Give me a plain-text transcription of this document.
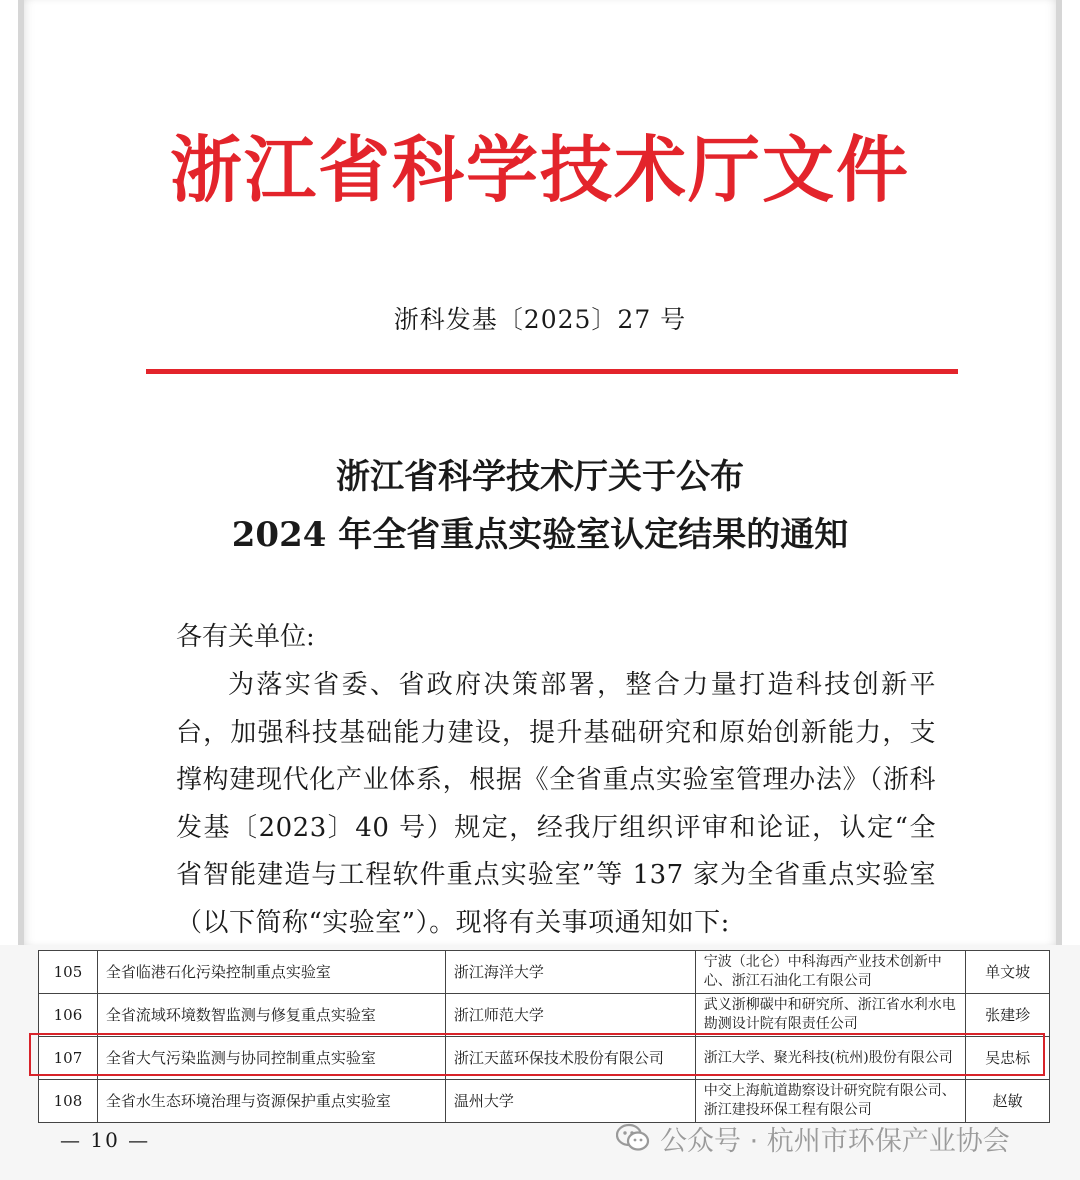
浙江省科学技术厅文件
浙科发基〔2025〕27 号
浙江省科学技术厅关于公布
2024 年全省重点实验室认定结果的通知
各有关单位:
为落实省委、省政府决策部署，整合力量打造科技创新平台，加强科技基础能力建设，提升基础研究和原始创新能力，支撑构建现代化产业体系，根据《全省重点实验室管理办法》（浙科发基〔2023〕40 号）规定，经我厅组织评审和论证，认定“全省智能建造与工程软件重点实验室”等 137 家为全省重点实验室（以下简称“实验室”）。现将有关事项通知如下:
105	全省临港石化污染控制重点实验室	浙江海洋大学	宁波（北仑）中科海西产业技术创新中心、浙江石油化工有限公司	单文坡
106	全省流域环境数智监测与修复重点实验室	浙江师范大学	武义浙柳碳中和研究所、浙江省水利水电勘测设计院有限责任公司	张建珍
107	全省大气污染监测与协同控制重点实验室	浙江天蓝环保技术股份有限公司	浙江大学、聚光科技(杭州)股份有限公司	吴忠标
108	全省水生态环境治理与资源保护重点实验室	温州大学	中交上海航道勘察设计研究院有限公司、浙江建投环保工程有限公司	赵敏
— 10 —	公众号 · 杭州市环保产业协会
